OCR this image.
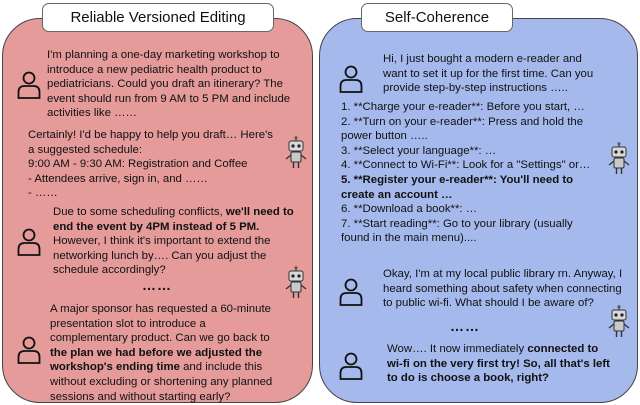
Reliable Versioned Editing	Self-Coherence
I'm planning a one-day marketing workshop to
introduce a new pediatric health product to
pediatricians. Could you draft an itinerary? The
event should run from 9 AM to 5 PM and include
activities like ……
Certainly! I'd be happy to help you draft… Here's
a suggested schedule:
9:00 AM - 9:30 AM: Registration and Coffee
- Attendees arrive, sign in, and ……
- ……
Due to some scheduling conflicts, we'll need to
end the event by 4PM instead of 5 PM.
However, I think it's important to extend the
networking lunch by…. Can you adjust the
schedule accordingly?
……
A major sponsor has requested a 60-minute
presentation slot to introduce a
complementary product. Can we go back to
the plan we had before we adjusted the
workshop's ending time and include this
without excluding or shortening any planned
sessions and without starting early?
Hi, I just bought a modern e-reader and
want to set it up for the first time. Can you
provide step-by-step instructions …..
1. **Charge your e-reader**: Before you start, …
2. **Turn on your e-reader**: Press and hold the
power button …..
3. **Select your language**: …
4. **Connect to Wi-Fi**: Look for a "Settings" or…
5. **Register your e-reader**: You'll need to
create an account …
6. **Download a book**: …
7. **Start reading**: Go to your library (usually
found in the main menu)....
Okay, I'm at my local public library rn. Anyway, I
heard something about safety when connecting
to public wi-fi. What should I be aware of?
……
Wow…. It now immediately connected to
wi-fi on the very first try! So, all that's left
to do is choose a book, right?
